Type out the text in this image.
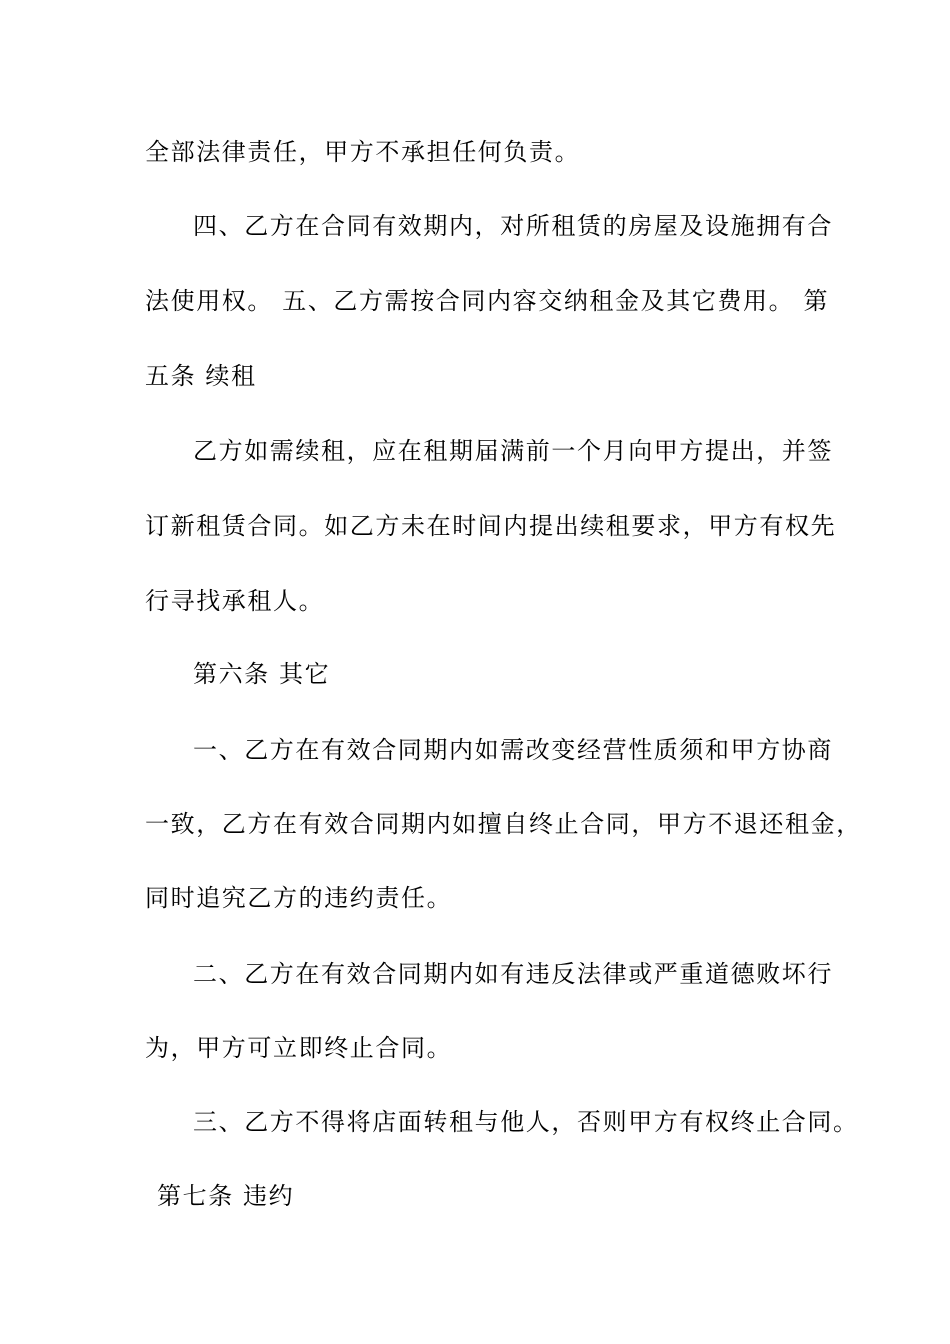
全部法律责任，甲方不承担任何负责。
四、乙方在合同有效期内，对所租赁的房屋及设施拥有合
法使用权。 五、乙方需按合同内容交纳租金及其它费用。 第
五条 续租
乙方如需续租，应在租期届满前一个月向甲方提出，并签
订新租赁合同。如乙方未在时间内提出续租要求，甲方有权先
行寻找承租人。
第六条 其它
一、乙方在有效合同期内如需改变经营性质须和甲方协商
一致，乙方在有效合同期内如擅自终止合同，甲方不退还租金，
同时追究乙方的违约责任。
二、乙方在有效合同期内如有违反法律或严重道德败坏行
为，甲方可立即终止合同。
三、乙方不得将店面转租与他人，否则甲方有权终止合同。
第七条 违约
